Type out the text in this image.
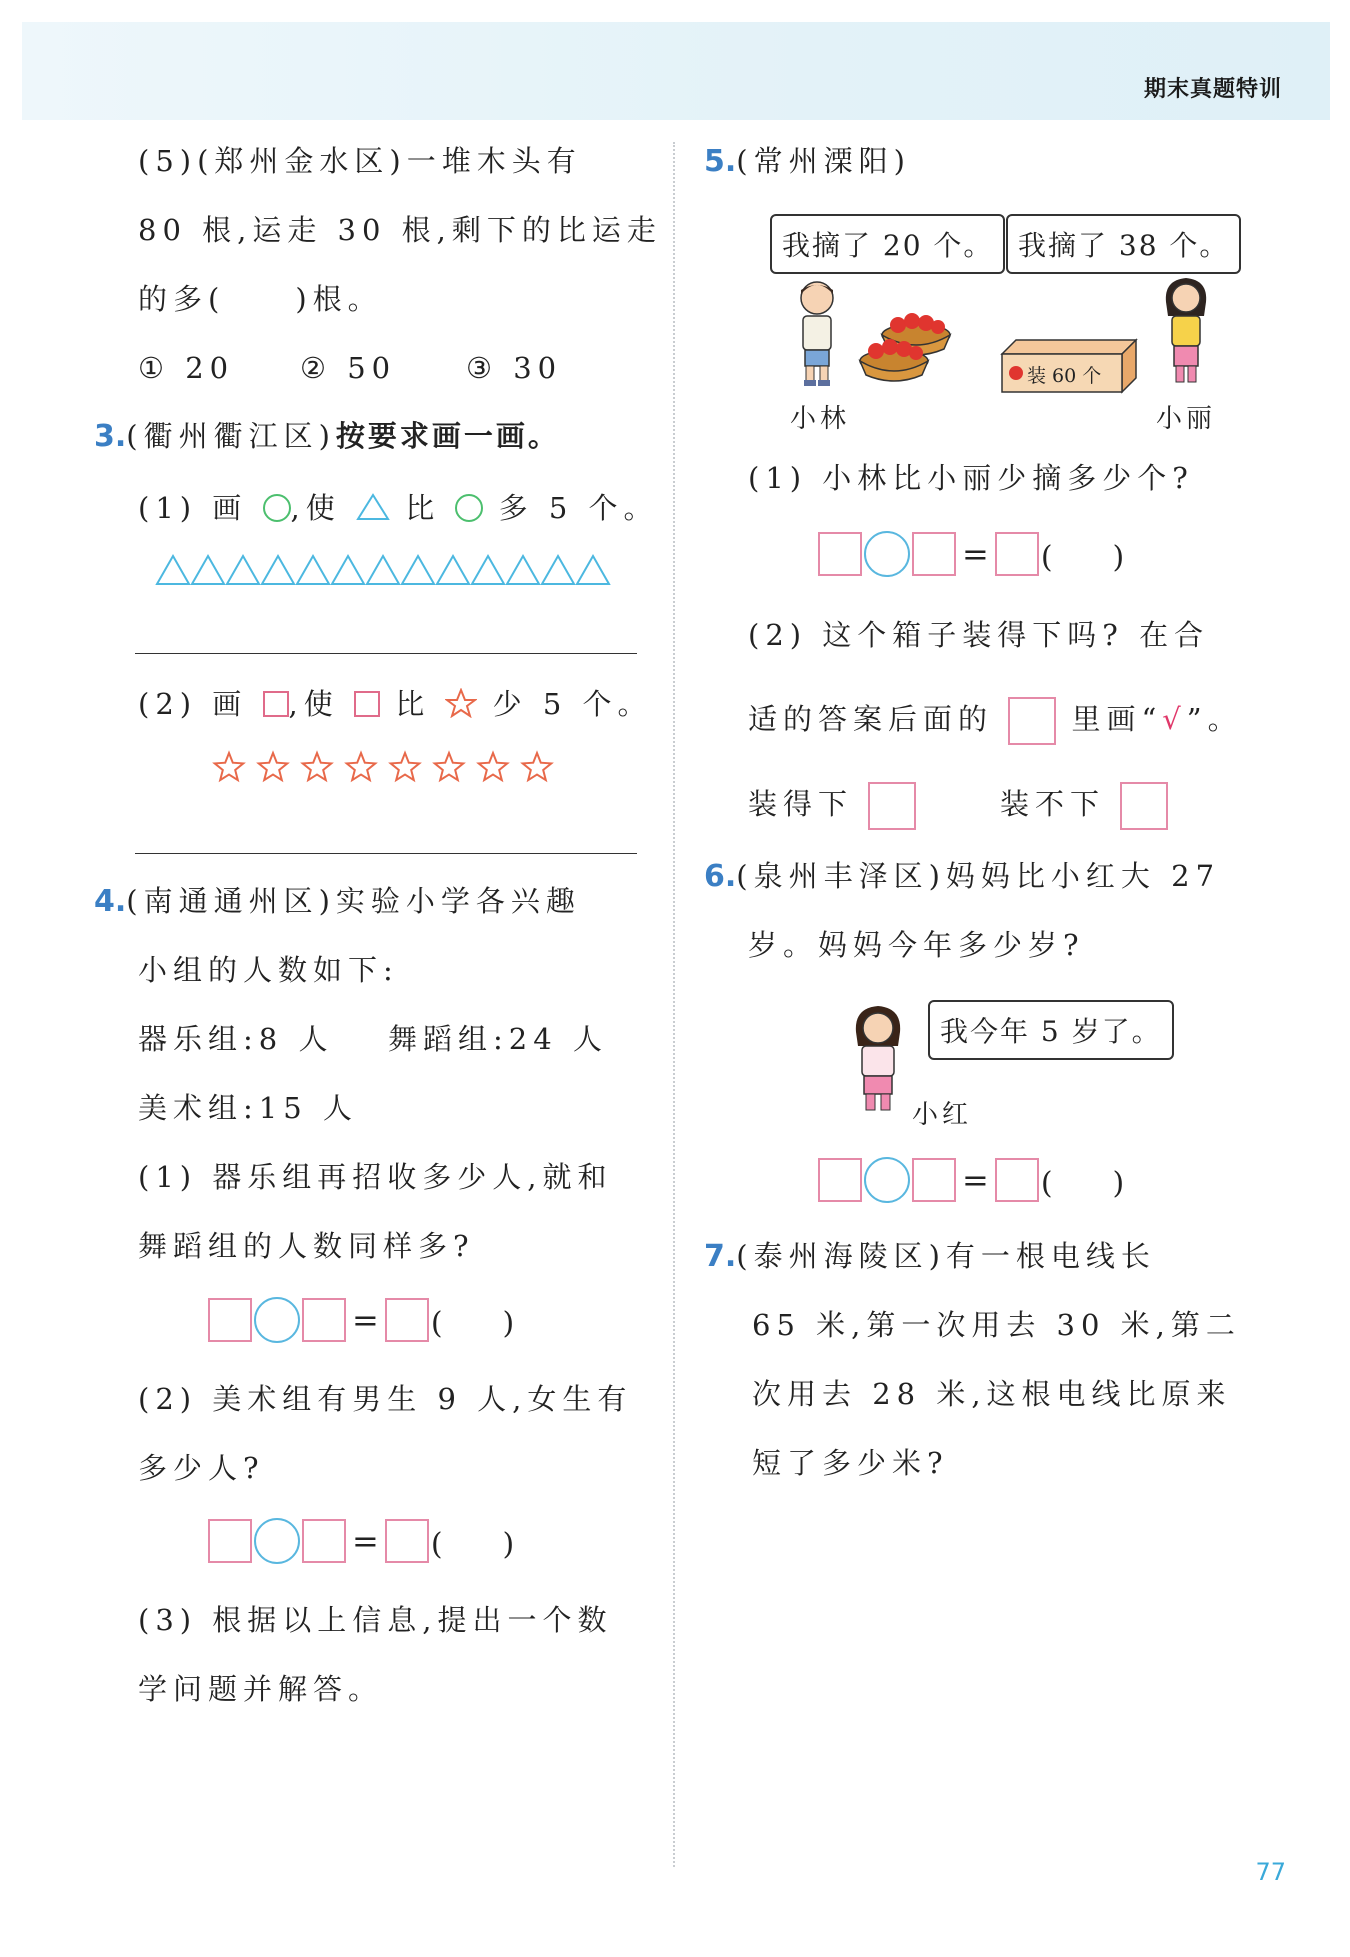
期末真题特训
(5)(郑州金水区)一堆木头有
80 根,运走 30 根,剩下的比运走
的多(　　)根。
① 20 ② 50 ③ 30
3.(衢州衢江区)按要求画一画。
(1) 画 ,使 比 多 5 个。
(2) 画 ,使 比 少 5 个。
4.(南通通州区)实验小学各兴趣
小组的人数如下:
器乐组:8 人 舞蹈组:24 人
美术组:15 人
(1) 器乐组再招收多少人,就和
舞蹈组的人数同样多?
= (　　)
(2) 美术组有男生 9 人,女生有
多少人?
= (　　)
(3) 根据以上信息,提出一个数
学问题并解答。
5.(常州溧阳)
我摘了 20 个。 我摘了 38 个。
装 60 个
小林	小丽
(1) 小林比小丽少摘多少个?
= (　　)
(2) 这个箱子装得下吗? 在合
适的答案后面的	里画“√”。
装得下	装不下
6.(泉州丰泽区)妈妈比小红大 27
岁。妈妈今年多少岁?
我今年 5 岁了。
小红
= (　　)
7.(泰州海陵区)有一根电线长
65 米,第一次用去 30 米,第二
次用去 28 米,这根电线比原来
短了多少米?
77
